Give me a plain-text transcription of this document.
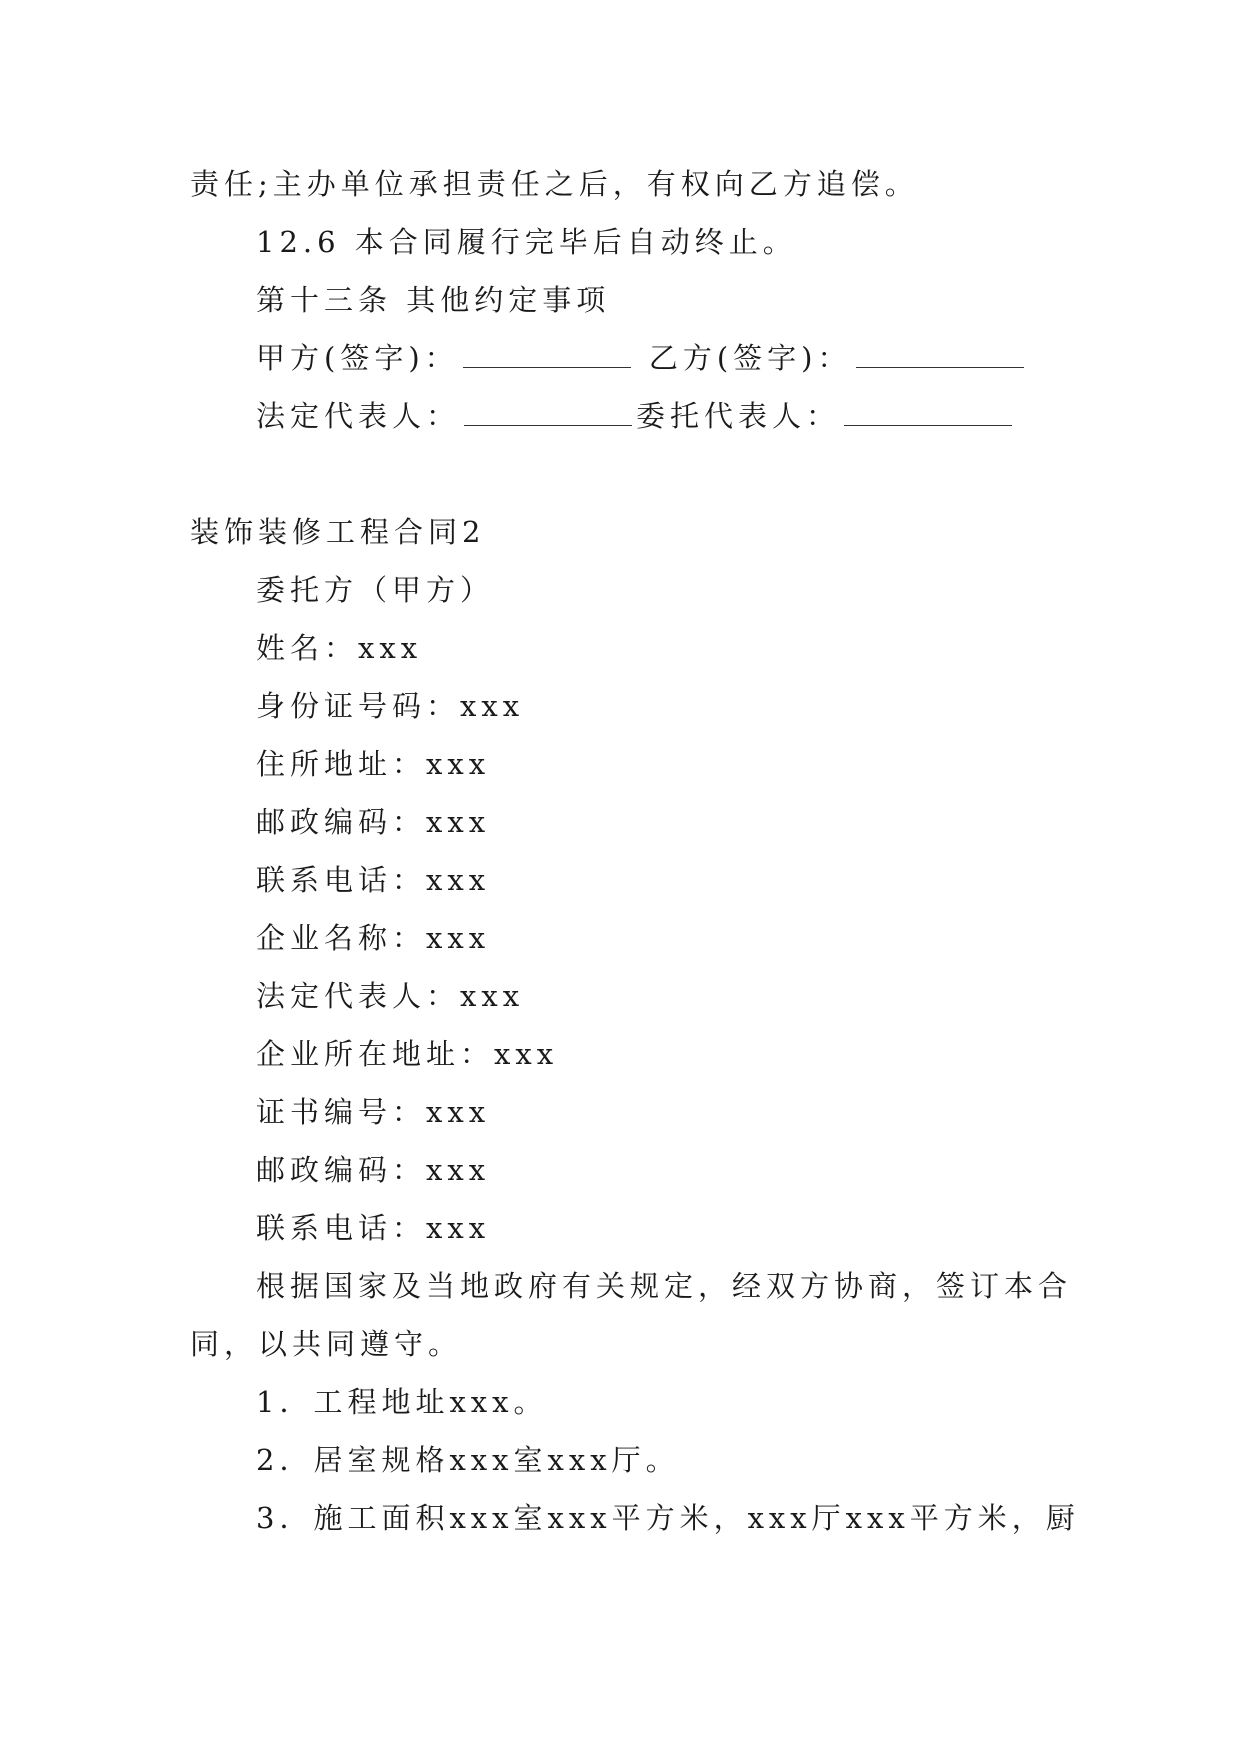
责任;主办单位承担责任之后，有权向乙方追偿。
12.6 本合同履行完毕后自动终止。
第十三条 其他约定事项
甲方(签字)：	乙方(签字)：
法定代表人：	委托代表人：
装饰装修工程合同2
委托方（甲方）
姓名：xxx
身份证号码：xxx
住所地址：xxx
邮政编码：xxx
联系电话：xxx
企业名称：xxx
法定代表人：xxx
企业所在地址：xxx
证书编号：xxx
邮政编码：xxx
联系电话：xxx
根据国家及当地政府有关规定，经双方协商，签订本合
同，以共同遵守。
1．工程地址xxx。
2．居室规格xxx室xxx厅。
3．施工面积xxx室xxx平方米，xxx厅xxx平方米，厨
